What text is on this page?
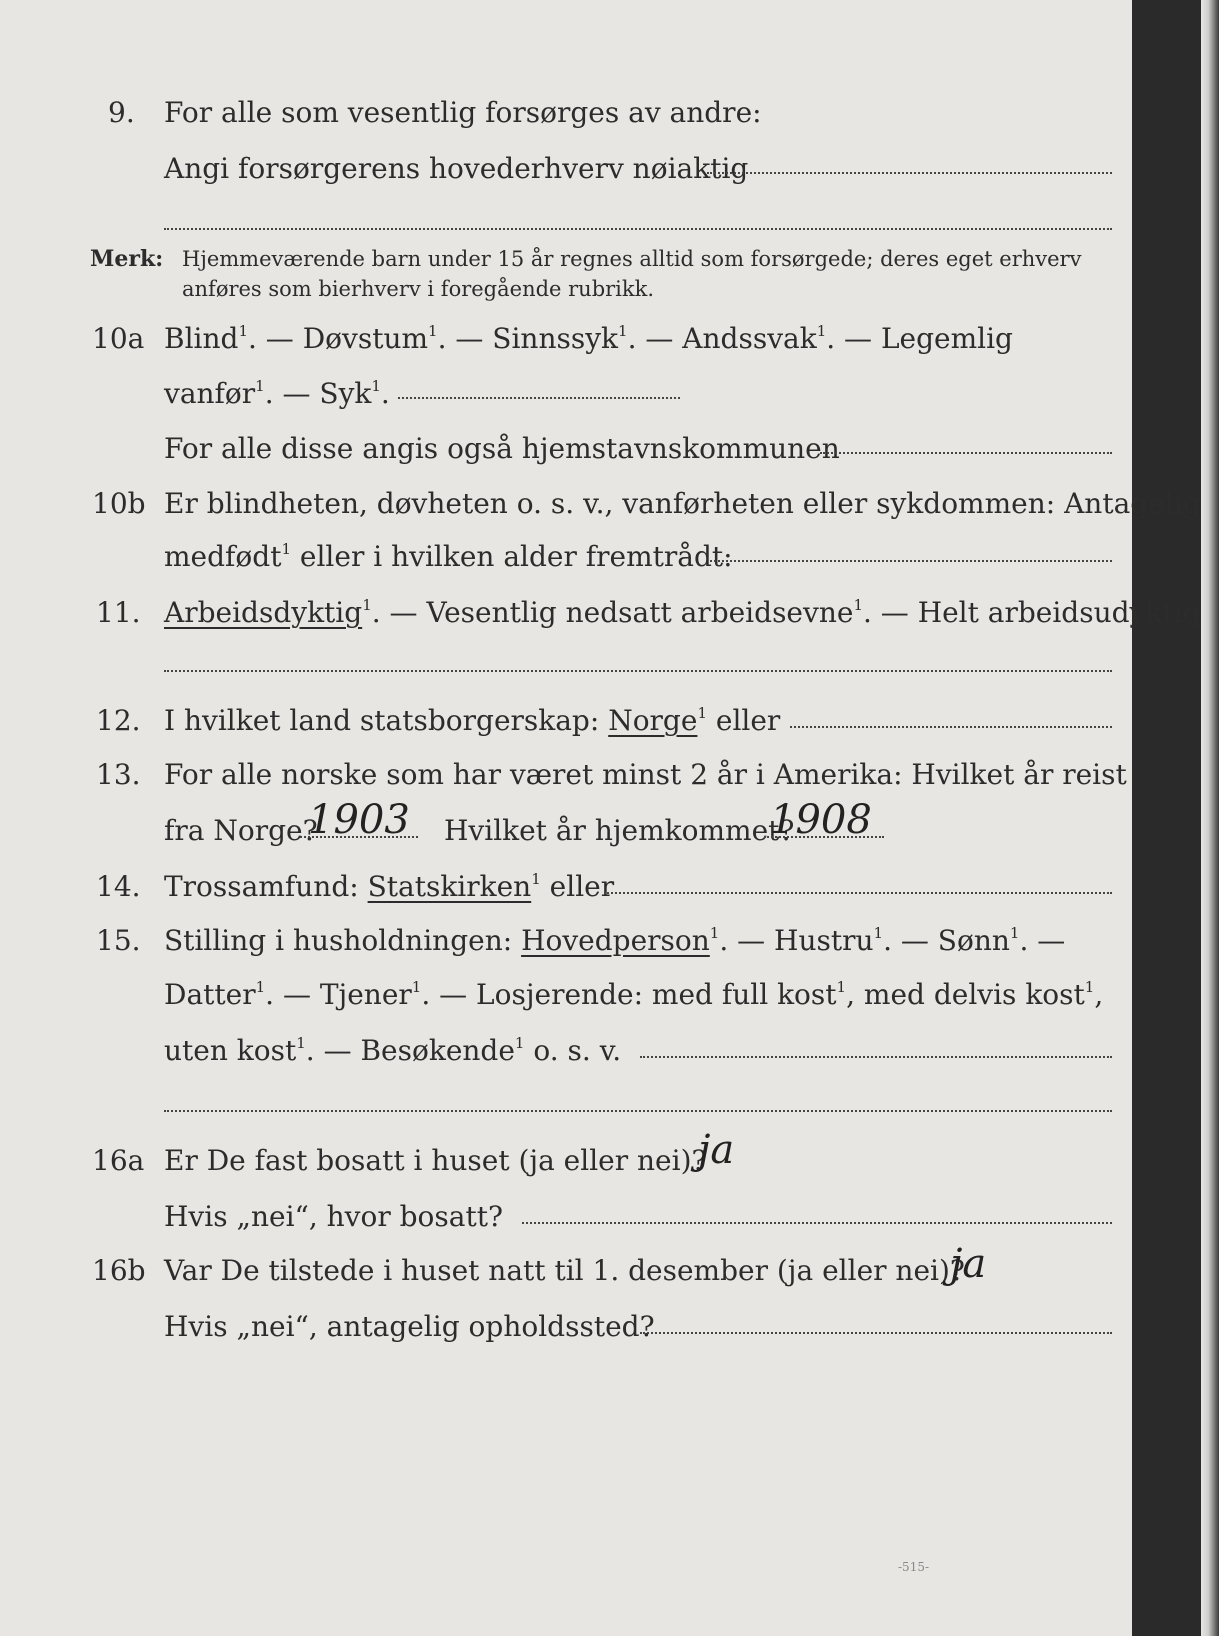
9. For alle som vesentlig forsørges av andre:
Angi forsørgerens hovederhverv nøiaktig
Merk: Hjemmeværende barn under 15 år regnes alltid som forsørgede; deres eget erhverv
anføres som bierhverv i foregående rubrikk.
10a Blind$^1$. — Døvstum$^1$. — Sinnssyk$^1$. — Andssvak$^1$. — Legemlig
vanfør$^1$. — Syk$^1$.
For alle disse angis også hjemstavnskommunen
10b Er blindheten, døvheten o. s. v., vanførheten eller sykdommen: Antagelig
medfødt$^1$ eller i hvilken alder fremtrådt:
11. Arbeidsdyktig$^1$. — Vesentlig nedsatt arbeidsevne$^1$. — Helt arbeidsudyktig
12. I hvilket land statsborgerskap: Norge$^1$ eller
13. For alle norske som har været minst 2 år i Amerika: Hvilket år reist
fra Norge?
1903 Hvilket år hjemkommet?
1908
14. Trossamfund: Statskirken$^1$ eller
15. Stilling i husholdningen: Hovedperson$^1$. — Hustru$^1$. — Sønn$^1$. —
Datter$^1$. — Tjener$^1$. — Losjerende: med full kost$^1$, med delvis kost$^1$,
uten kost$^1$. — Besøkende$^1$ o. s. v.
16a Er De fast bosatt i huset (ja eller nei)?
ja
Hvis „nei“, hvor bosatt?
16b Var De tilstede i huset natt til 1. desember (ja eller nei)?
ja
Hvis „nei“, antagelig opholdssted?
-515-
